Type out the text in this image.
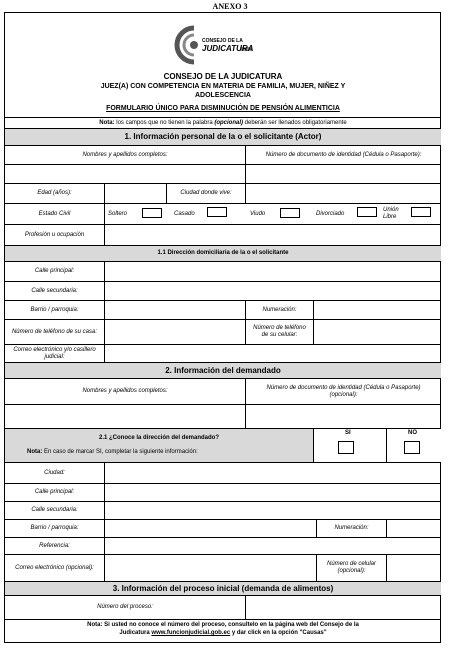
ANEXO 3
CONSEJO DE LA
JUDICATURA
CONSEJO DE LA JUDICATURA
JUEZ(A) CON COMPETENCIA EN MATERIA DE FAMILIA, MUJER, NIÑEZ Y
ADOLESCENCIA
FORMULARIO ÚNICO PARA DISMINUCIÓN DE PENSIÓN ALIMENTICIA
Nota: los campos que no tienen la palabra (opcional) deberán ser llenados obligatoriamente
1. Información personal de la o el solicitante (Actor)
Nombres y apellidos completos:	Número de documento de identidad (Cédula o Pasaporte):
Edad (años):	Ciudad donde vive:
Estado Civil	Soltero	Casado	Viudo	Divorciado
Unión Libre
Profesión u ocupación
1.1 Dirección domiciliaria de la o el solicitante
Calle principal:
Calle secundaria:
Barrio / parroquia:	Numeración:
Número de teléfono de su casa:
Número de teléfono de su celular:
Correo electrónico y/o casillero judicial:
2. Información del demandado
Nombres y apellidos completos:
Número de documento de identidad (Cédula o Pasaporte) (opcional):
2.1 ¿Conoce la dirección del demandado?
Nota: En caso de marcar SI, completar la siguiente información:
SI	NO
Ciudad:
Calle principal:
Calle secundaria:
Barrio / parroquia:	Numeración:
Referencia:
Correo electrónico (opcional):
Número de celular (opcional):
3. Información del proceso inicial (demanda de alimentos)
Número del proceso:
Nota: Si usted no conoce el número del proceso, consultelo en la página web del Consejo de la
Judicatura www.funcionjudicial.gob.ec y dar click en la opción "Causas"
